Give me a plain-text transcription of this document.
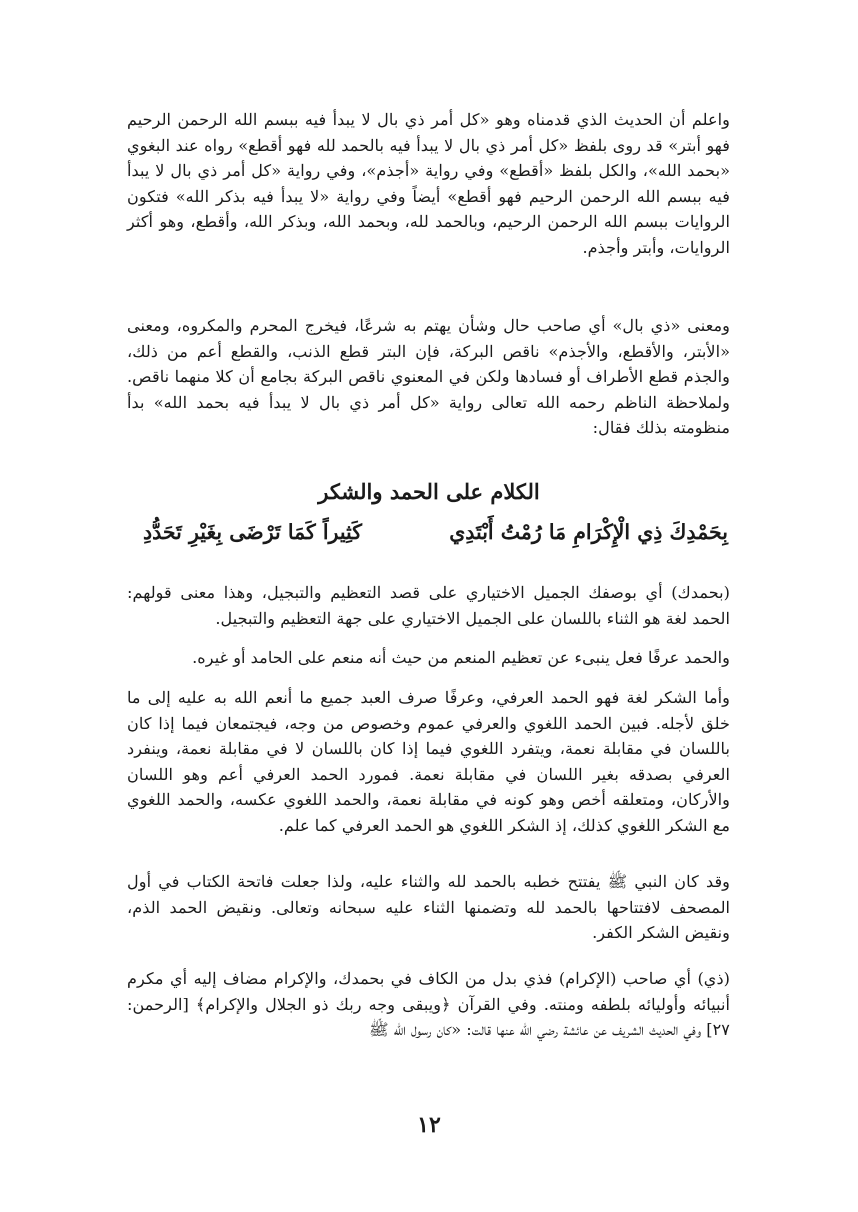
واعلم أن الحديث الذي قدمناه وهو «كل أمر ذي بال لا يبدأ فيه ببسم الله الرحمن الرحيم فهو أبتر» قد روى بلفظ «كل أمر ذي بال لا يبدأ فيه بالحمد لله فهو أقطع» رواه عند البغوي «بحمد الله»، والكل بلفظ «أقطع» وفي رواية «أجذم»، وفي رواية «كل أمر ذي بال لا يبدأ فيه ببسم الله الرحمن الرحيم فهو أقطع» أيضاً وفي رواية «لا يبدأ فيه بذكر الله» فتكون الروايات ببسم الله الرحمن الرحيم، وبالحمد لله، وبحمد الله، وبذكر الله، وأقطع، وهو أكثر الروايات، وأبتر وأجذم.

ومعنى «ذي بال» أي صاحب حال وشأن يهتم به شرعًا، فيخرج المحرم والمكروه، ومعنى «الأبتر، والأقطع، والأجذم» ناقص البركة، فإن البتر قطع الذنب، والقطع أعم من ذلك، والجذم قطع الأطراف أو فسادها ولكن في المعنوي ناقص البركة بجامع أن كلا منهما ناقص. ولملاحظة الناظم رحمه الله تعالى رواية «كل أمر ذي بال لا يبدأ فيه بحمد الله» بدأ منظومته بذلك فقال:

الكلام على الحمد والشكر
بِحَمْدِكَ ذِي الْإِكْرَامِ مَا رُمْتُ أَبْتَدِي
كَثِيراً كَمَا تَرْضَى بِغَيْرِ تَحَدُّدِ

(بحمدك) أي بوصفك الجميل الاختياري على قصد التعظيم والتبجيل، وهذا معنى قولهم: الحمد لغة هو الثناء باللسان على الجميل الاختياري على جهة التعظيم والتبجيل.

والحمد عرفًا فعل ينبىء عن تعظيم المنعم من حيث أنه منعم على الحامد أو غيره.

وأما الشكر لغة فهو الحمد العرفي، وعرفًا صرف العبد جميع ما أنعم الله به عليه إلى ما خلق لأجله. فبين الحمد اللغوي والعرفي عموم وخصوص من وجه، فيجتمعان فيما إذا كان باللسان في مقابلة نعمة، ويتفرد اللغوي فيما إذا كان باللسان لا في مقابلة نعمة، وينفرد العرفي بصدقه بغير اللسان في مقابلة نعمة. فمورد الحمد العرفي أعم وهو اللسان والأركان، ومتعلقه أخص وهو كونه في مقابلة نعمة، والحمد اللغوي عكسه، والحمد اللغوي مع الشكر اللغوي كذلك، إذ الشكر اللغوي هو الحمد العرفي كما علم.

وقد كان النبي ﷺ يفتتح خطبه بالحمد لله والثناء عليه، ولذا جعلت فاتحة الكتاب في أول المصحف لافتتاحها بالحمد لله وتضمنها الثناء عليه سبحانه وتعالى. ونقيض الحمد الذم، ونقيض الشكر الكفر.

(ذي) أي صاحب (الإكرام) فذي بدل من الكاف في بحمدك، والإكرام مضاف إليه أي مكرم أنبيائه وأوليائه بلطفه ومنته. وفي القرآن ﴿ويبقى وجه ربك ذو الجلال والإكرام﴾ [الرحمن: ٢٧] وفي الحديث الشريف عن عائشة رضي الله عنها قالت: «كان رسول الله ﷺ

١٢
